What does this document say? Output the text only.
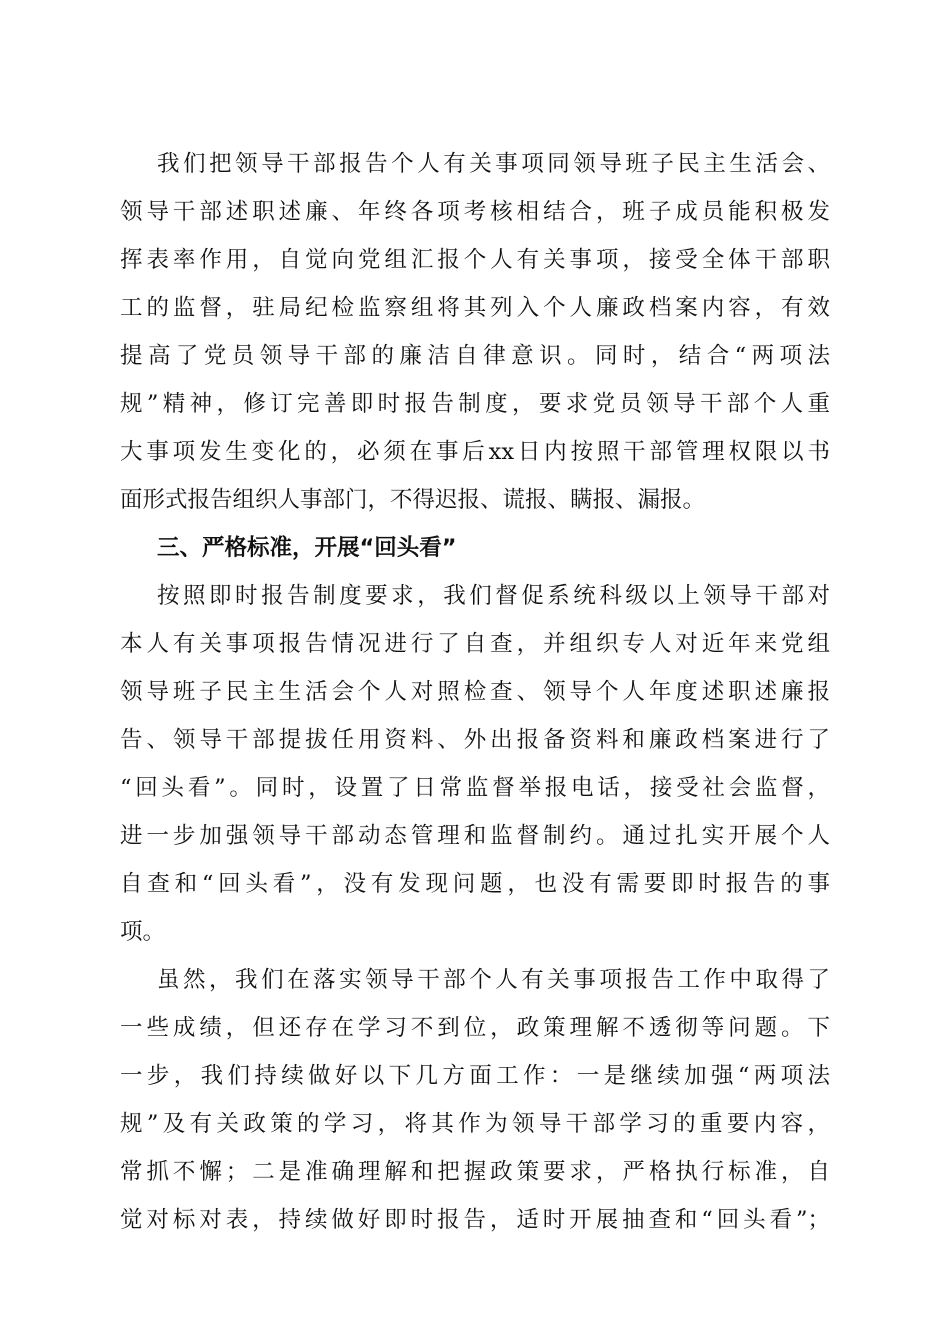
我们把领导干部报告个人有关事项同领导班子民主生活会、
领导干部述职述廉、年终各项考核相结合，班子成员能积极发
挥表率作用，自觉向党组汇报个人有关事项，接受全体干部职
工的监督，驻局纪检监察组将其列入个人廉政档案内容，有效
提高了党员领导干部的廉洁自律意识。同时，结合“两项法
规”精神，修订完善即时报告制度，要求党员领导干部个人重
大事项发生变化的，必须在事后xx日内按照干部管理权限以书
面形式报告组织人事部门，不得迟报、谎报、瞒报、漏报。
三、严格标准，开展“回头看”
按照即时报告制度要求，我们督促系统科级以上领导干部对
本人有关事项报告情况进行了自查，并组织专人对近年来党组
领导班子民主生活会个人对照检查、领导个人年度述职述廉报
告、领导干部提拔任用资料、外出报备资料和廉政档案进行了
“回头看”。同时，设置了日常监督举报电话，接受社会监督，
进一步加强领导干部动态管理和监督制约。通过扎实开展个人
自查和“回头看”，没有发现问题，也没有需要即时报告的事
项。
虽然，我们在落实领导干部个人有关事项报告工作中取得了
一些成绩，但还存在学习不到位，政策理解不透彻等问题。下
一步，我们持续做好以下几方面工作：一是继续加强“两项法
规”及有关政策的学习，将其作为领导干部学习的重要内容，
常抓不懈；二是准确理解和把握政策要求，严格执行标准，自
觉对标对表，持续做好即时报告，适时开展抽查和“回头看”；
